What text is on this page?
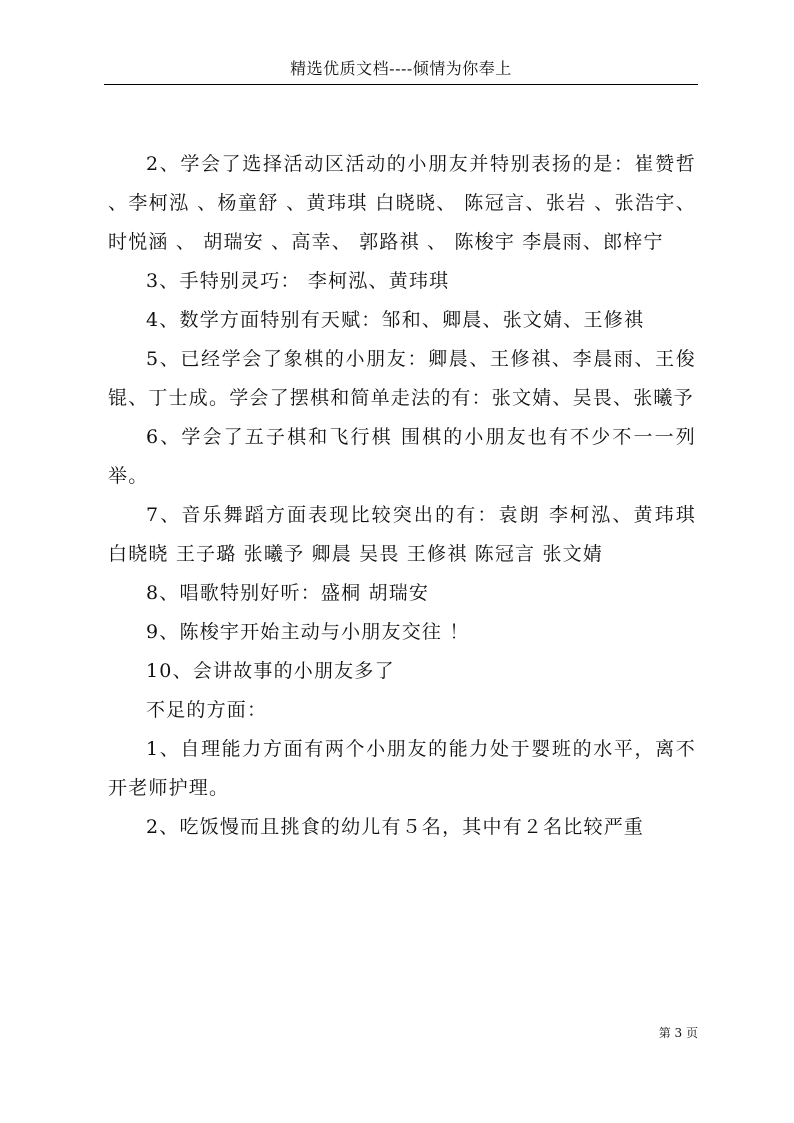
精选优质文档----倾情为你奉上

2、学会了选择活动区活动的小朋友并特别表扬的是：崔赞哲 、李柯泓 、杨童舒 、黄玮琪 白晓晓、 陈冠言、张岩 、张浩宇、 时悦涵 、 胡瑞安 、高幸、 郭路祺 、 陈梭宇 李晨雨、郎梓宁

3、手特别灵巧： 李柯泓、黄玮琪

4、数学方面特别有天赋：邹和、卿晨、张文婧、王修祺

5、已经学会了象棋的小朋友：卿晨、王修祺、李晨雨、王俊锟、丁士成。学会了摆棋和简单走法的有：张文婧、吴畏、张曦予

6、学会了五子棋和飞行棋 围棋的小朋友也有不少不一一列举。

7、音乐舞蹈方面表现比较突出的有：袁朗 李柯泓、黄玮琪 白晓晓 王子璐 张曦予 卿晨 吴畏 王修祺 陈冠言 张文婧

8、唱歌特别好听：盛桐 胡瑞安

9、陈梭宇开始主动与小朋友交往 ！

10、会讲故事的小朋友多了

不足的方面：

1、自理能力方面有两个小朋友的能力处于婴班的水平，离不开老师护理。

2、吃饭慢而且挑食的幼儿有５名，其中有２名比较严重

第 3 页
